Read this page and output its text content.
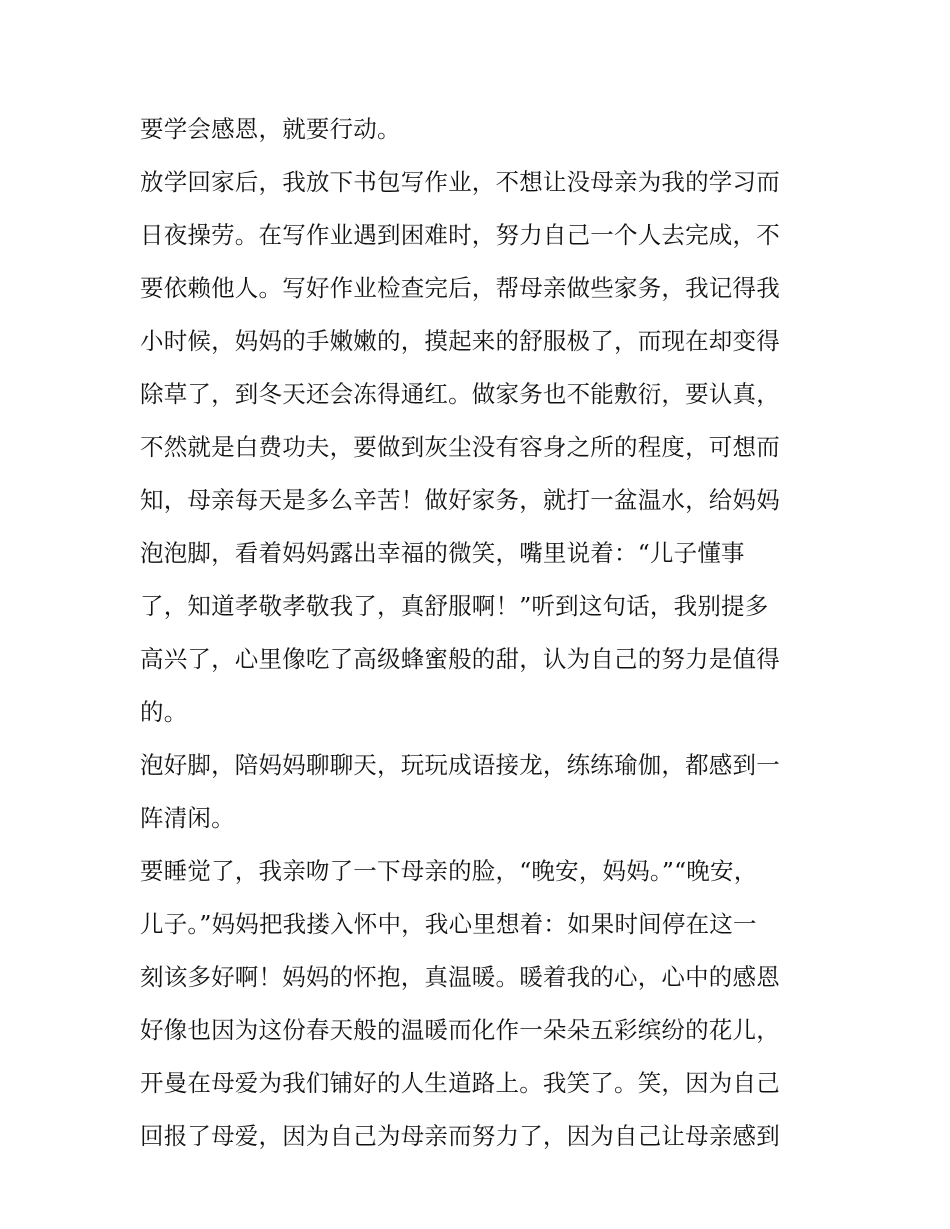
要学会感恩，就要行动。
放学回家后，我放下书包写作业，不想让没母亲为我的学习而
日夜操劳。在写作业遇到困难时，努力自己一个人去完成，不
要依赖他人。写好作业检查完后，帮母亲做些家务，我记得我
小时候，妈妈的手嫩嫩的，摸起来的舒服极了，而现在却变得
除草了，到冬天还会冻得通红。做家务也不能敷衍，要认真，
不然就是白费功夫，要做到灰尘没有容身之所的程度，可想而
知，母亲每天是多么辛苦！做好家务，就打一盆温水，给妈妈
泡泡脚，看着妈妈露出幸福的微笑，嘴里说着：“儿子懂事
了，知道孝敬孝敬我了，真舒服啊！”听到这句话，我别提多
高兴了，心里像吃了高级蜂蜜般的甜，认为自己的努力是值得
的。
泡好脚，陪妈妈聊聊天，玩玩成语接龙，练练瑜伽，都感到一
阵清闲。
要睡觉了，我亲吻了一下母亲的脸，“晚安，妈妈。”“晚安，
儿子。”妈妈把我搂入怀中，我心里想着：如果时间停在这一
刻该多好啊！妈妈的怀抱，真温暖。暖着我的心，心中的感恩
好像也因为这份春天般的温暖而化作一朵朵五彩缤纷的花儿，
开曼在母爱为我们铺好的人生道路上。我笑了。笑，因为自己
回报了母爱，因为自己为母亲而努力了，因为自己让母亲感到
